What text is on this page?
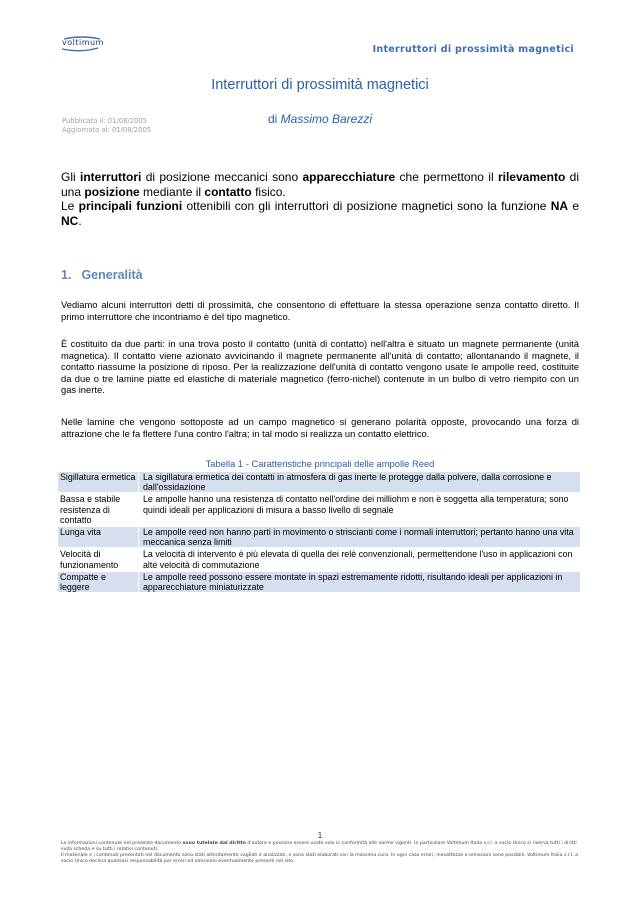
voltimum
Interruttori di prossimità magnetici
Interruttori di prossimità magnetici
Pubblicato il: 01/08/2005
Aggiornato al: 01/08/2005
di Massimo Barezzi
Gli interruttori di posizione meccanici sono apparecchiature che permettono il rilevamento di una posizione mediante il contatto fisico.
Le principali funzioni ottenibili con gli interruttori di posizione magnetici sono la funzione NA e NC.
1. Generalità
Vediamo alcuni interruttori detti di prossimità, che consentono di effettuare la stessa operazione senza contatto diretto. Il primo interruttore che incontriamo è del tipo magnetico.
È costituito da due parti: in una trova posto il contatto (unità di contatto) nell'altra è situato un magnete permanente (unità magnetica). Il contatto viene azionato avvicinando il magnete permanente all'unità di contatto; allontanando il magnete, il contatto riassume la posizione di riposo. Per la realizzazione dell'unità di contatto vengono usate le ampolle reed, costituite da due o tre lamine piatte ed elastiche di materiale magnetico (ferro-nichel) contenute in un bulbo di vetro riempito con un gas inerte.
Nelle lamine che vengono sottoposte ad un campo magnetico si generano polarità opposte, provocando una forza di attrazione che le fa flettere l'una contro l'altra; in tal modo si realizza un contatto elettrico.
Tabella 1 - Caratteristiche principali delle ampolle Reed
Sigillatura ermetica	La sigillatura ermetica dei contatti in atmosfera di gas inerte le protegge dalla polvere, dalla corrosione e dall'ossidazione
Bassa e stabile resistenza di contatto	Le ampolle hanno una resistenza di contatto nell'ordine dei milliohm e non è soggetta alla temperatura; sono quindi ideali per applicazioni di misura a basso livello di segnale
Lunga vita	Le ampolle reed non hanno parti in movimento o striscianti come i normali interruttori; pertanto hanno una vita meccanica senza limiti
Velocità di funzionamento	La velocità di intervento è più elevata di quella dei relè convenzionali, permettendone l'uso in applicazioni con alte velocità di commutazione
Compatte e leggere	Le ampolle reed possono essere montate in spazi estremamente ridotti, risultando ideali per applicazioni in apparecchiature miniaturizzate
1
Le informazioni contenute nel presente documento sono tutelate dal diritto d'autore e possono essere usate solo in conformità alle norme vigenti. In particolare Voltimum Italia s.r.l. a socio Unico si riserva tutti i diritti sulla scheda e su tutti i relativi contenuti.
Il materiale e i contenuti presentati nel documento sono stati attentamente vagliati e analizzati, e sono stati elaborati con la massima cura. In ogni caso errori, inesattezze e omissioni sono possibili. Voltimum Italia s.r.l. a socio Unico declina qualsiasi responsabilità per errori ed omissioni eventualmente presenti nel sito.
